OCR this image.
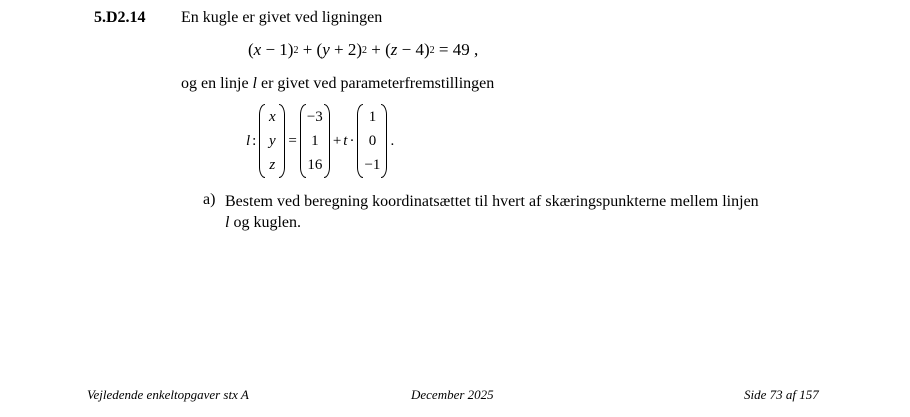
5.D2.14 En kugle er givet ved ligningen
$(x - 1)^2 + (y + 2)^2 + (z - 4)^2 = 49$ ,
og en linje l er givet ved parameterfremstillingen
l :
x
y
z
=
−3
1
16
+ t ·
1
0
−1
.
a) Bestem ved beregning koordinatsættet til hvert af skæringspunkterne mellem linjen l og kuglen.
Vejledende enkeltopgaver stx A	December 2025	Side 73 af 157
